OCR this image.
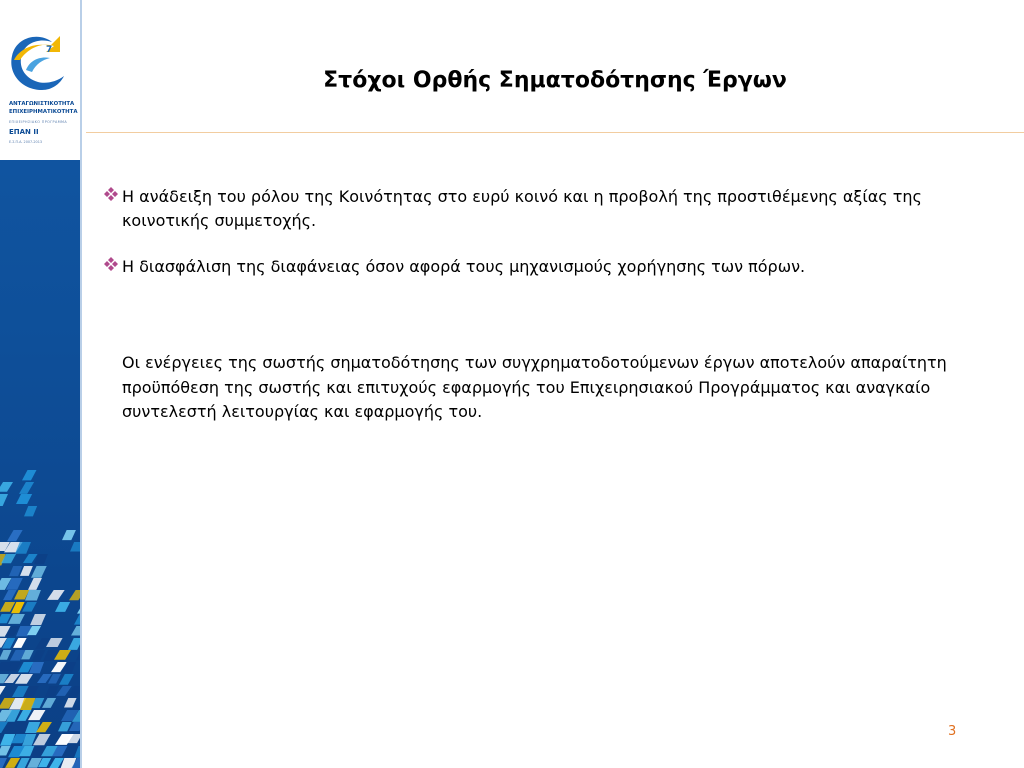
7
ΑΝΤΑΓΩΝΙΣΤΙΚΟΤΗΤΑ
ΕΠΙΧΕΙΡΗΜΑΤΙΚΟΤΗΤΑ
ΕΠΙΧΕΙΡΗΣΙΑΚΟ ΠΡΟΓΡΑΜΜΑ
ΕΠΑΝ ΙΙ
Ε.Σ.Π.Α. 2007-2013
Στόχοι Ορθής Σηματοδότησης Έργων
Η ανάδειξη του ρόλου της Κοινότητας στο ευρύ κοινό και η προβολή της προστιθέμενης αξίας της κοινοτικής συμμετοχής.
Η διασφάλιση της διαφάνειας όσον αφορά τους μηχανισμούς χορήγησης των πόρων.
Οι ενέργειες της σωστής σηματοδότησης των συγχρηματοδοτούμενων έργων αποτελούν απαραίτητη προϋπόθεση της σωστής και επιτυχούς εφαρμογής του Επιχειρησιακού Προγράμματος και αναγκαίο συντελεστή λειτουργίας και εφαρμογής του.
3
